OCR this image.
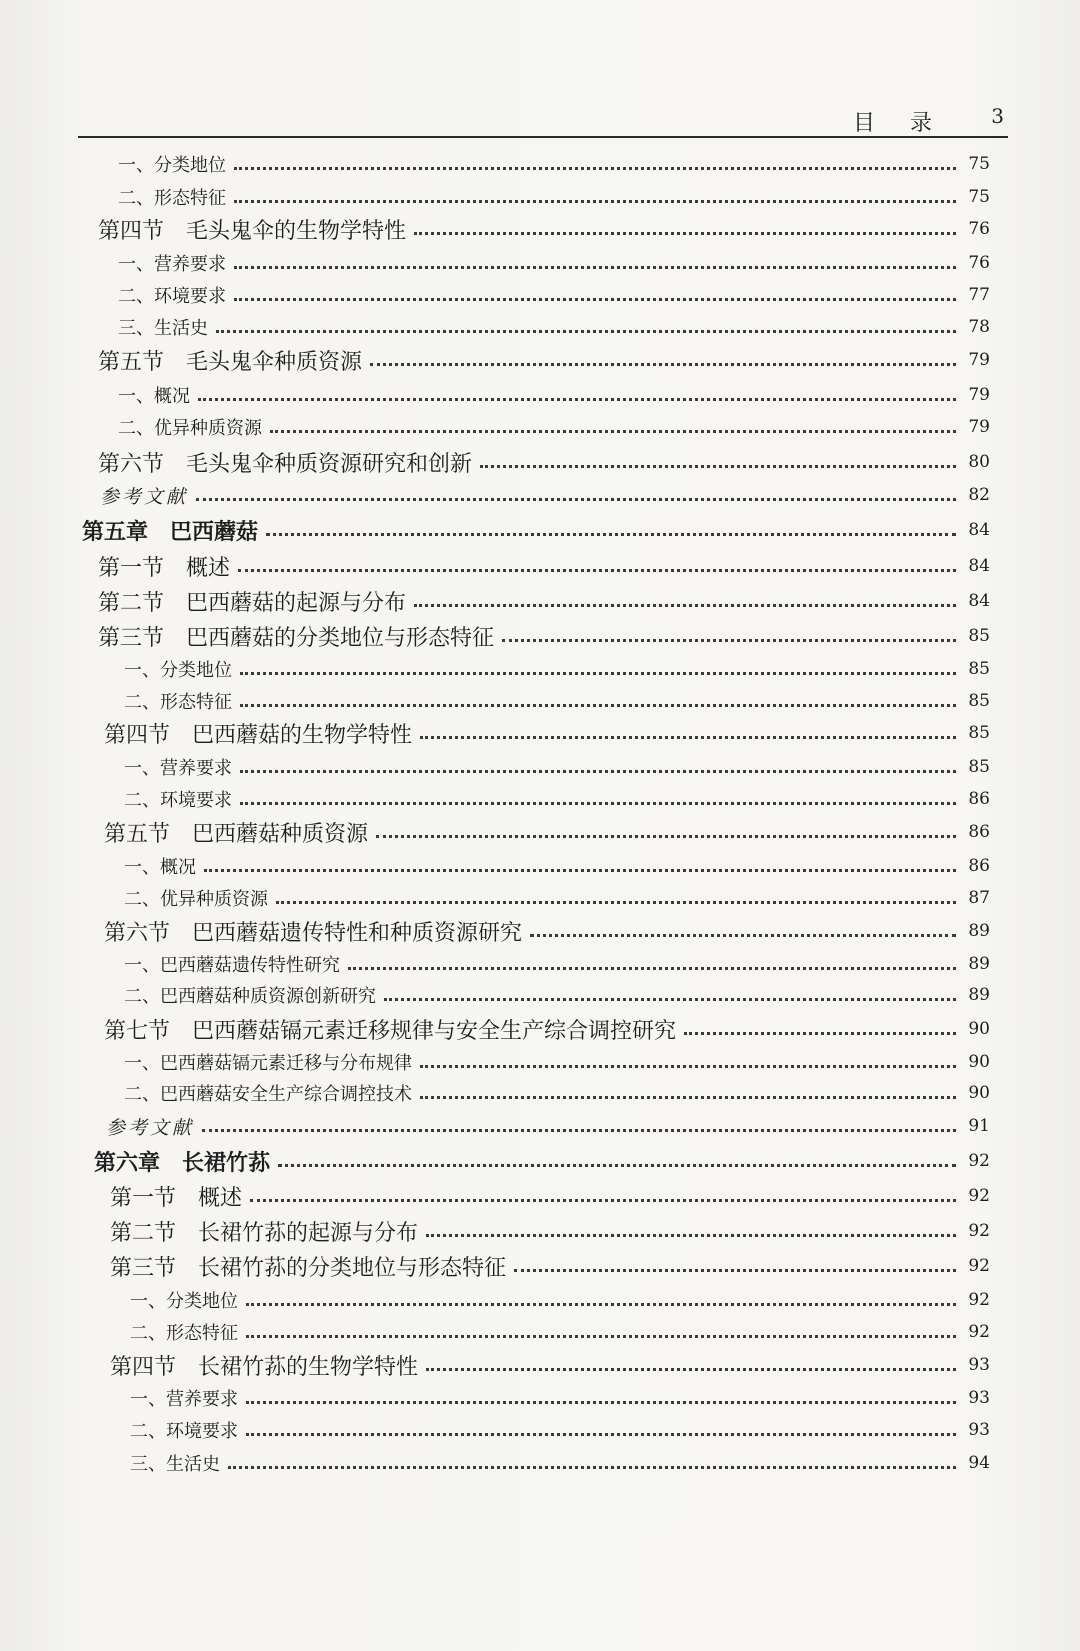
目 录 3
一、分类地位	75
二、形态特征	75
第四节 毛头鬼伞的生物学特性	76
一、营养要求	76
二、环境要求	77
三、生活史	78
第五节 毛头鬼伞种质资源	79
一、概况	79
二、优异种质资源	79
第六节 毛头鬼伞种质资源研究和创新	80
参考文献	82
第五章 巴西蘑菇	84
第一节 概述	84
第二节 巴西蘑菇的起源与分布	84
第三节 巴西蘑菇的分类地位与形态特征	85
一、分类地位	85
二、形态特征	85
第四节 巴西蘑菇的生物学特性	85
一、营养要求	85
二、环境要求	86
第五节 巴西蘑菇种质资源	86
一、概况	86
二、优异种质资源	87
第六节 巴西蘑菇遗传特性和种质资源研究	89
一、巴西蘑菇遗传特性研究	89
二、巴西蘑菇种质资源创新研究	89
第七节 巴西蘑菇镉元素迁移规律与安全生产综合调控研究	90
一、巴西蘑菇镉元素迁移与分布规律	90
二、巴西蘑菇安全生产综合调控技术	90
参考文献	91
第六章 长裙竹荪	92
第一节 概述	92
第二节 长裙竹荪的起源与分布	92
第三节 长裙竹荪的分类地位与形态特征	92
一、分类地位	92
二、形态特征	92
第四节 长裙竹荪的生物学特性	93
一、营养要求	93
二、环境要求	93
三、生活史	94
